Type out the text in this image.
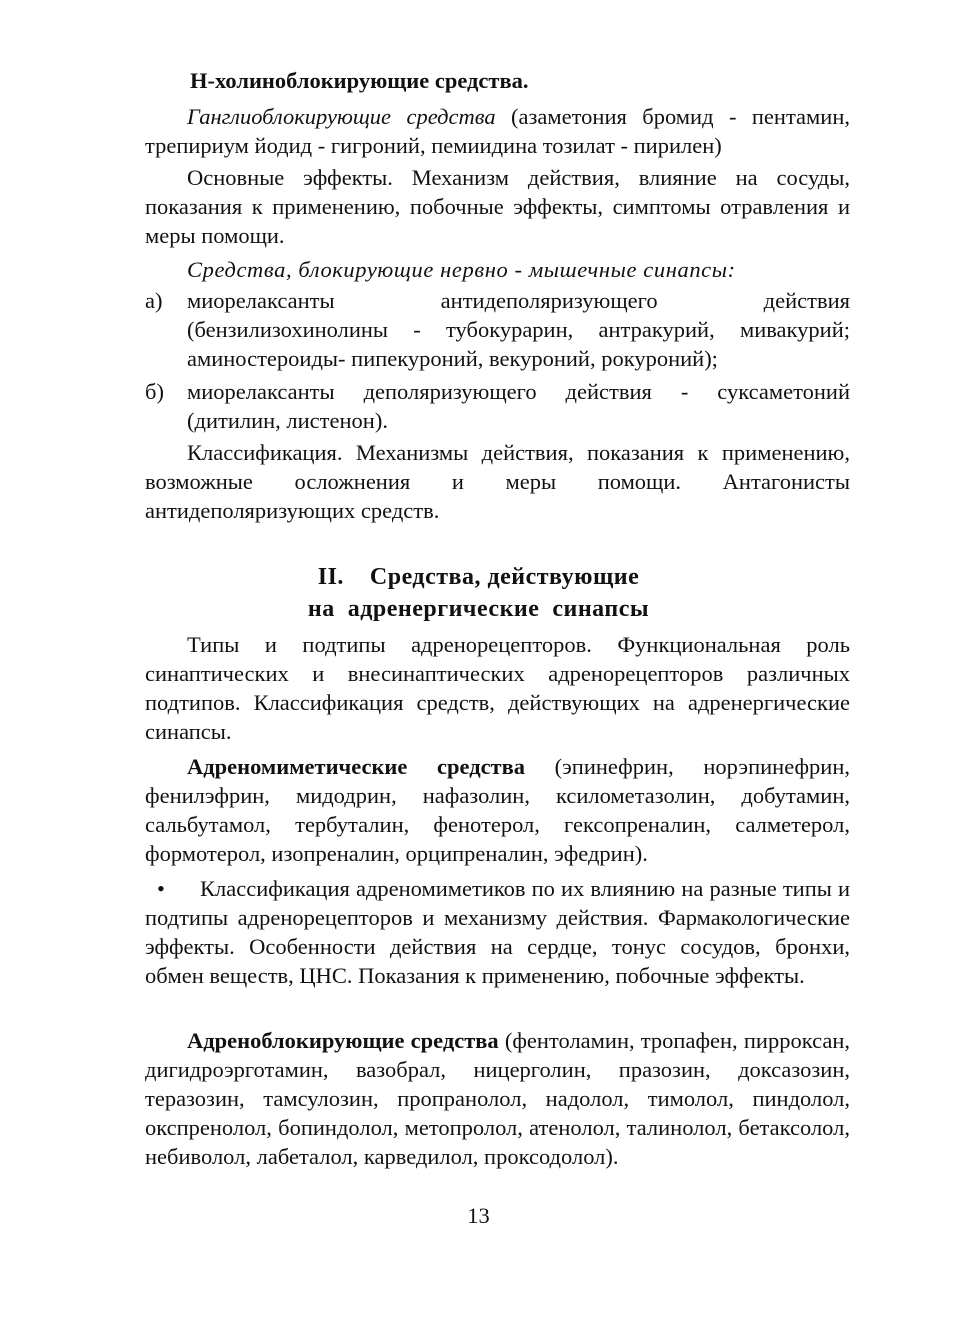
Н-холиноблокирующие средства.
Ганглиоблокирующие средства (азаметония бромид - пентамин, трепириум йодид - гигроний, пемиидина тозилат - пирилен)
Основные эффекты. Механизм действия, влияние на сосуды, показания к применению, побочные эффекты, симптомы отравления и меры помощи.
Средства, блокирующие нервно - мышечные синапсы:
а) миорелаксанты антидеполяризующего действия (бензилизохинолины - тубокурарин, антракурий, мивакурий; аминостероиды- пипекуроний, векуроний, рокуроний);
б) миорелаксанты деполяризующего действия - суксаметоний (дитилин, листенон).
Классификация. Механизмы действия, показания к применению, возможные осложнения и меры помощи. Антагонисты антидеполяризующих средств.
II.    Средства, действующие
на  адренергические  синапсы
Типы и подтипы адренорецепторов. Функциональная роль синаптических и внесинаптических адренорецепторов различных подтипов. Классификация средств, действующих на адренергические синапсы.
Адреномиметические средства (эпинефрин, норэпинефрин, фенилэфрин, мидодрин, нафазолин, ксилометазолин, добутамин, сальбутамол, тербуталин, фенотерол, гексопреналин, салметерол, формотерол, изопреналин, орципреналин, эфедрин).
•	Классификация адреномиметиков по их влиянию на разные типы и подтипы адренорецепторов и механизму действия. Фармакологические эффекты. Особенности действия на сердце, тонус сосудов, бронхи, обмен веществ, ЦНС. Показания к применению, побочные эффекты.
Адреноблокирующие средства (фентоламин, тропафен, пирроксан, дигидроэрготамин, вазобрал, ницерголин, празозин, доксазозин, теразозин, тамсулозин, пропранолол, надолол, тимолол, пиндолол, окспренолол, бопиндолол, метопролол, атенолол, талинолол, бетаксолол, небиволол, лабеталол, карведилол, проксодолол).
13
